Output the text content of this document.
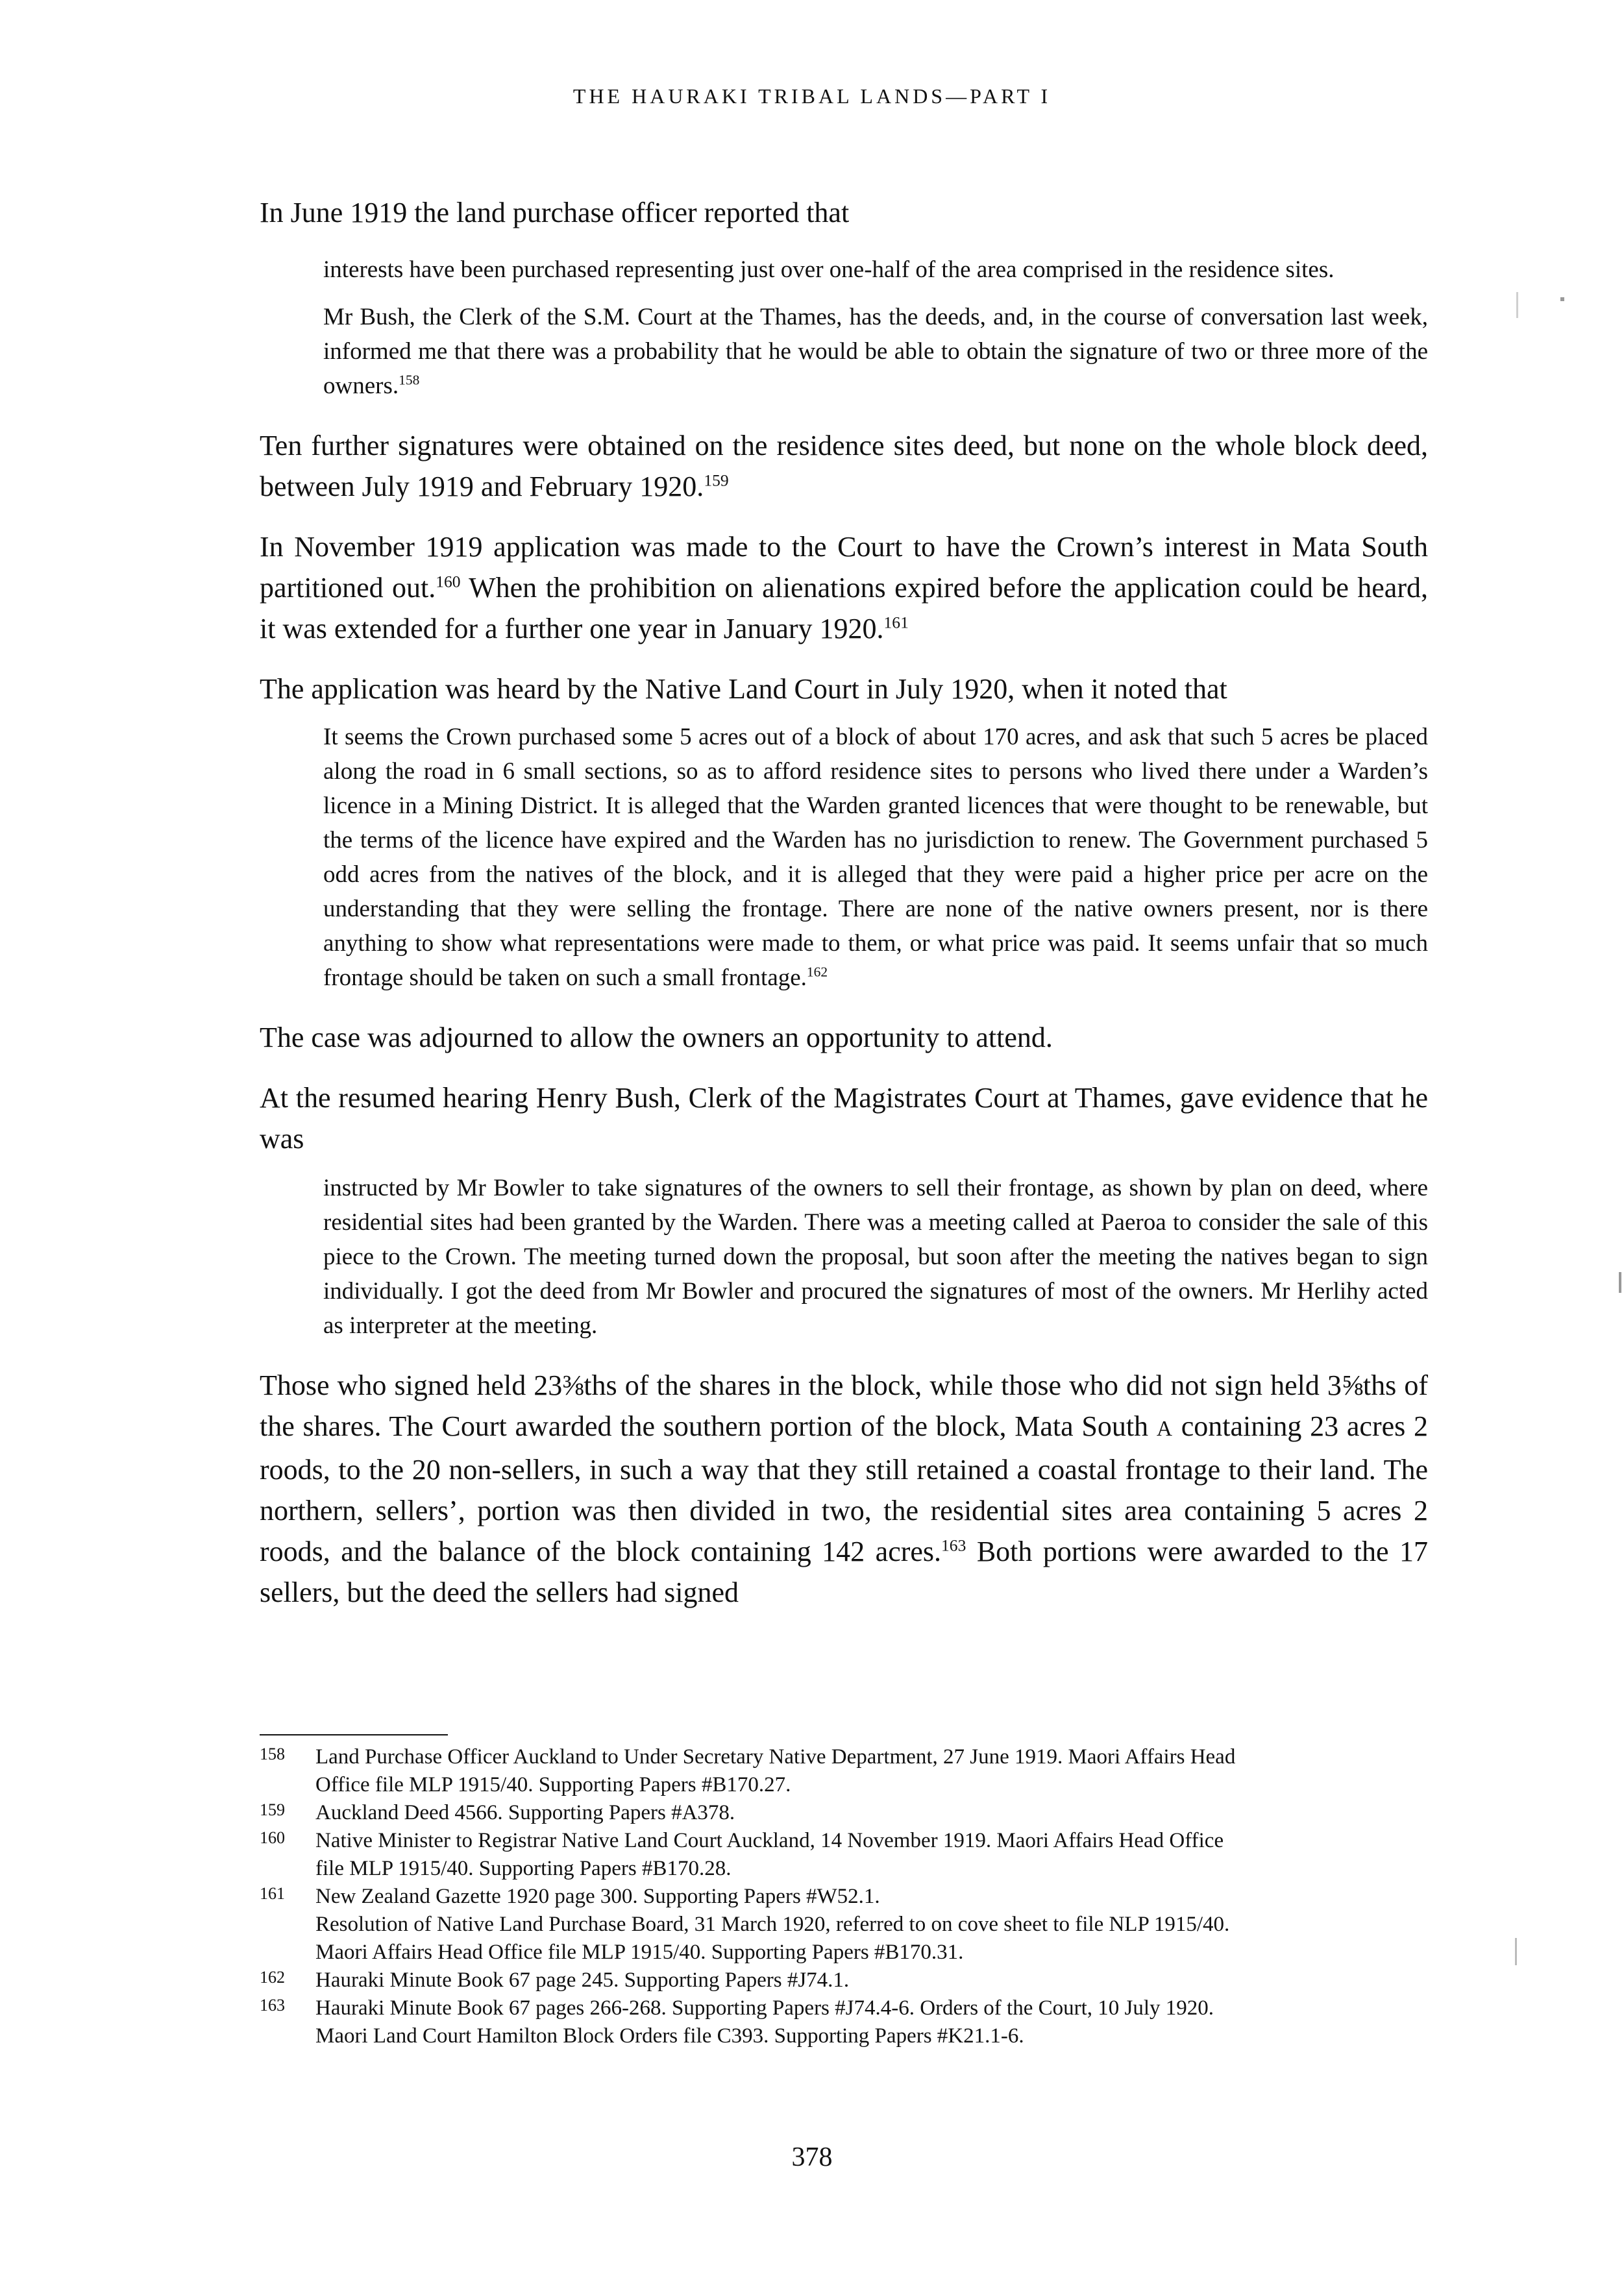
THE HAURAKI TRIBAL LANDS—PART I

In June 1919 the land purchase officer reported that

interests have been purchased representing just over one-half of the area comprised in the residence sites.

Mr Bush, the Clerk of the S.M. Court at the Thames, has the deeds, and, in the course of conversation last week, informed me that there was a probability that he would be able to obtain the signature of two or three more of the owners.$^{158}$

Ten further signatures were obtained on the residence sites deed, but none on the whole block deed, between July 1919 and February 1920.$^{159}$

In November 1919 application was made to the Court to have the Crown’s interest in Mata South partitioned out.$^{160}$ When the prohibition on alienations expired before the application could be heard, it was extended for a further one year in January 1920.$^{161}$

The application was heard by the Native Land Court in July 1920, when it noted that

It seems the Crown purchased some 5 acres out of a block of about 170 acres, and ask that such 5 acres be placed along the road in 6 small sections, so as to afford residence sites to persons who lived there under a Warden’s licence in a Mining District. It is alleged that the Warden granted licences that were thought to be renewable, but the terms of the licence have expired and the Warden has no jurisdiction to renew. The Government purchased 5 odd acres from the natives of the block, and it is alleged that they were paid a higher price per acre on the understanding that they were selling the frontage. There are none of the native owners present, nor is there anything to show what representations were made to them, or what price was paid. It seems unfair that so much frontage should be taken on such a small frontage.$^{162}$

The case was adjourned to allow the owners an opportunity to attend.

At the resumed hearing Henry Bush, Clerk of the Magistrates Court at Thames, gave evidence that he was

instructed by Mr Bowler to take signatures of the owners to sell their frontage, as shown by plan on deed, where residential sites had been granted by the Warden. There was a meeting called at Paeroa to consider the sale of this piece to the Crown. The meeting turned down the proposal, but soon after the meeting the natives began to sign individually. I got the deed from Mr Bowler and procured the signatures of most of the owners. Mr Herlihy acted as interpreter at the meeting.

Those who signed held 23⅜ths of the shares in the block, while those who did not sign held 3⅝ths of the shares. The Court awarded the southern portion of the block, Mata South A containing 23 acres 2 roods, to the 20 non-sellers, in such a way that they still retained a coastal frontage to their land. The northern, sellers’, portion was then divided in two, the residential sites area containing 5 acres 2 roods, and the balance of the block containing 142 acres.$^{163}$ Both portions were awarded to the 17 sellers, but the deed the sellers had signed

158	Land Purchase Officer Auckland to Under Secretary Native Department, 27 June 1919. Maori Affairs Head
Office file MLP 1915/40. Supporting Papers #B170.27.
159	Auckland Deed 4566. Supporting Papers #A378.
160	Native Minister to Registrar Native Land Court Auckland, 14 November 1919. Maori Affairs Head Office
file MLP 1915/40. Supporting Papers #B170.28.
161	New Zealand Gazette 1920 page 300. Supporting Papers #W52.1.
Resolution of Native Land Purchase Board, 31 March 1920, referred to on cove sheet to file NLP 1915/40.
Maori Affairs Head Office file MLP 1915/40. Supporting Papers #B170.31.
162	Hauraki Minute Book 67 page 245. Supporting Papers #J74.1.
163	Hauraki Minute Book 67 pages 266-268. Supporting Papers #J74.4-6. Orders of the Court, 10 July 1920.
Maori Land Court Hamilton Block Orders file C393. Supporting Papers #K21.1-6.
378
